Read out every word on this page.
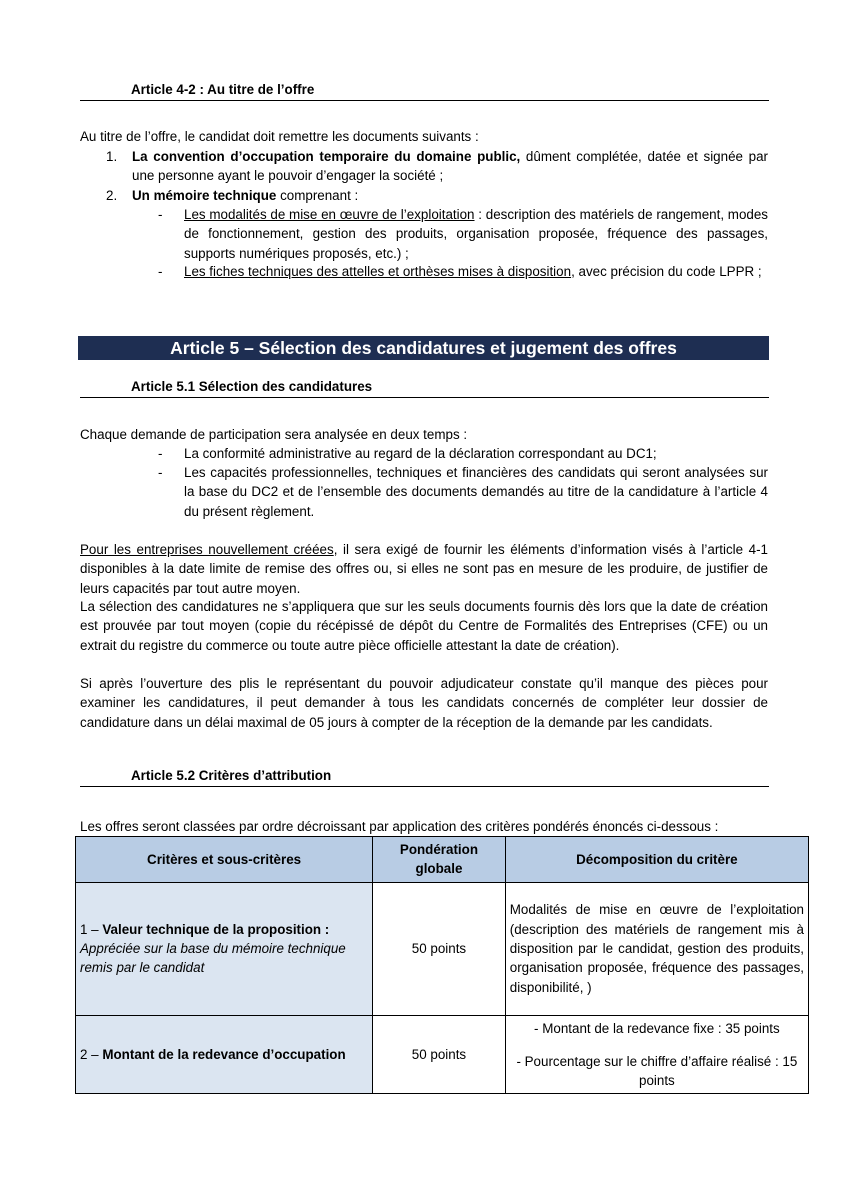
Article 4-2 : Au titre de l’offre

Au titre de l’offre, le candidat doit remettre les documents suivants :

1. La convention d’occupation temporaire du domaine public, dûment complétée, datée et signée par une personne ayant le pouvoir d’engager la société ;
2. Un mémoire technique comprenant :
- Les modalités de mise en œuvre de l’exploitation : description des matériels de rangement, modes de fonctionnement, gestion des produits, organisation proposée, fréquence des passages, supports numériques proposés, etc.) ;
- Les fiches techniques des attelles et orthèses mises à disposition, avec précision du code LPPR ;
Article 5 – Sélection des candidatures et jugement des offres
Article 5.1 Sélection des candidatures

Chaque demande de participation sera analysée en deux temps :

- La conformité administrative au regard de la déclaration correspondant au DC1;
- Les capacités professionnelles, techniques et financières des candidats qui seront analysées sur la base du DC2 et de l’ensemble des documents demandés au titre de la candidature à l’article 4 du présent règlement.

Pour les entreprises nouvellement créées, il sera exigé de fournir les éléments d’information visés à l’article 4-1 disponibles à la date limite de remise des offres ou, si elles ne sont pas en mesure de les produire, de justifier de leurs capacités par tout autre moyen.

La sélection des candidatures ne s’appliquera que sur les seuls documents fournis dès lors que la date de création est prouvée par tout moyen (copie du récépissé de dépôt du Centre de Formalités des Entreprises (CFE) ou un extrait du registre du commerce ou toute autre pièce officielle attestant la date de création).

Si après l’ouverture des plis le représentant du pouvoir adjudicateur constate qu’il manque des pièces pour examiner les candidatures, il peut demander à tous les candidats concernés de compléter leur dossier de candidature dans un délai maximal de 05 jours à compter de la réception de la demande par les candidats.

Article 5.2 Critères d’attribution

Les offres seront classées par ordre décroissant par application des critères pondérés énoncés ci-dessous :

Critères et sous-critères	Pondération globale	Décomposition du critère

1 – Valeur technique de la proposition :
Appréciée sur la base du mémoire technique remis par le candidat	50 points	Modalités de mise en œuvre de l’exploitation (description des matériels de rangement mis à disposition par le candidat, gestion des produits, organisation proposée, fréquence des passages, disponibilité, )
2 – Montant de la redevance d’occupation	50 points	- Montant de la redevance fixe : 35 points
- Pourcentage sur le chiffre d’affaire réalisé : 15 points
